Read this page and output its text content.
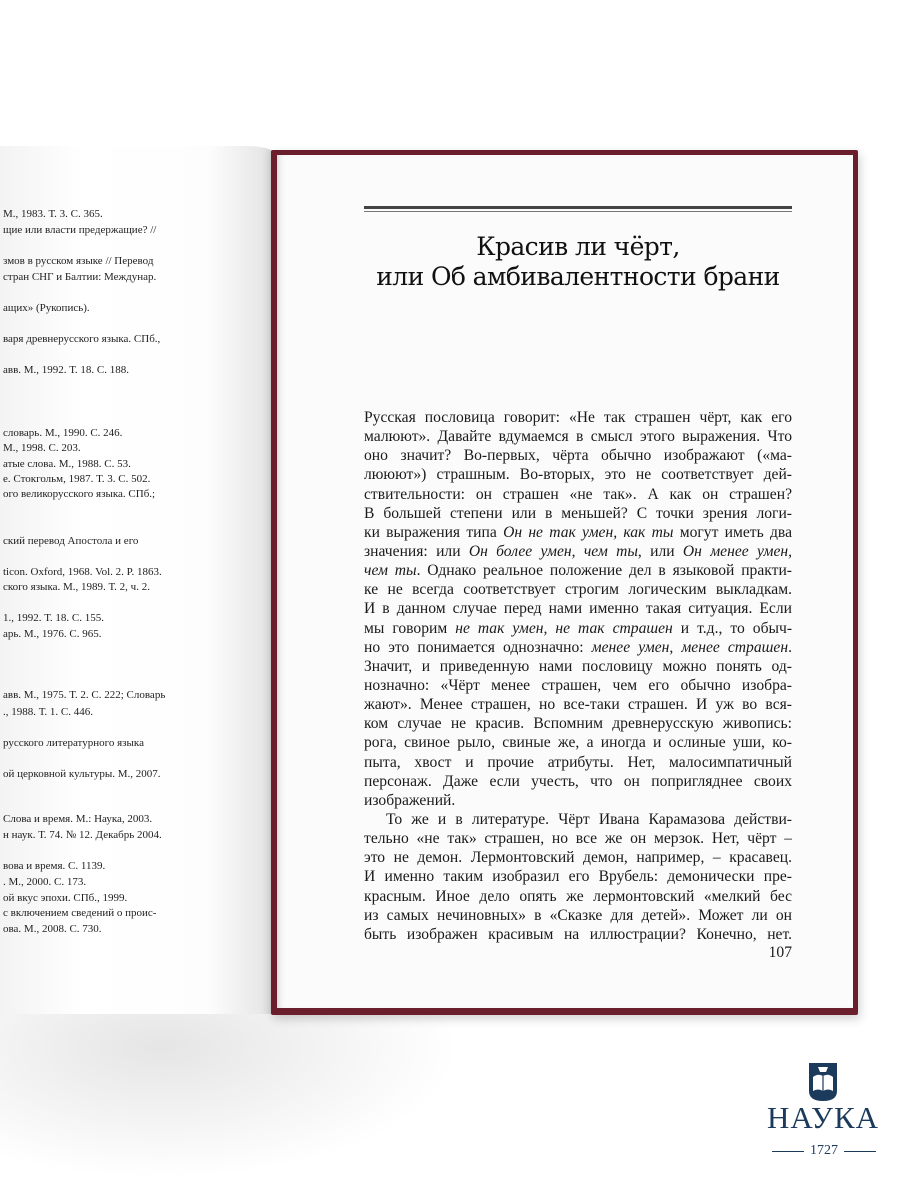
М., 1983. Т. 3. С. 365.
щие или власти предержащие? //
змов в русском языке // Перевод
стран СНГ и Балтии: Междунар.
ащих» (Рукопись).
варя древнерусского языка. СПб.,
авв. М., 1992. Т. 18. С. 188.
словарь. М., 1990. С. 246.
М., 1998. С. 203.
атые слова. М., 1988. С. 53.
е. Стокгольм, 1987. Т. 3. С. 502.
ого великорусского языка. СПб.;
ский перевод Апостола и его
ticon. Oxford, 1968. Vol. 2. P. 1863.
ского языка. М., 1989. Т. 2, ч. 2.
1., 1992. Т. 18. С. 155.
арь. М., 1976. С. 965.
авв. М., 1975. Т. 2. С. 222; Словарь
., 1988. Т. 1. С. 446.
русского литературного языка
ой церковной культуры. М., 2007.
Слова и время. М.: Наука, 2003.
н наук. Т. 74. № 12. Декабрь 2004.
вова и время. С. 1139.
. М., 2000. С. 173.
ой вкус эпохи. СПб., 1999.
с включением сведений о проис-
ова. М., 2008. С. 730.
Красив ли чёрт,
или Об амбивалентности брани
Русская пословица говорит: «Не так страшен чёрт, как его
малюют». Давайте вдумаемся в смысл этого выражения. Что
оно значит? Во-первых, чёрта обычно изображают («ма-
лююют») страшным. Во-вторых, это не соответствует дей-
ствительности: он страшен «не так». А как он страшен?
В большей степени или в меньшей? С точки зрения логи-
ки выражения типа Он не так умен, как ты могут иметь два
значения: или Он более умен, чем ты, или Он менее умен,
чем ты. Однако реальное положение дел в языковой практи-
ке не всегда соответствует строгим логическим выкладкам.
И в данном случае перед нами именно такая ситуация. Если
мы говорим не так умен, не так страшен и т.д., то обыч-
но это понимается однозначно: менее умен, менее страшен.
Значит, и приведенную нами пословицу можно понять од-
нозначно: «Чёрт менее страшен, чем его обычно изобра-
жают». Менее страшен, но все-таки страшен. И уж во вся-
ком случае не красив. Вспомним древнерусскую живопись:
рога, свиное рыло, свиные же, а иногда и ослиные уши, ко-
пыта, хвост и прочие атрибуты. Нет, малосимпатичный
персонаж. Даже если учесть, что он попригляднее своих
изображений.
То же и в литературе. Чёрт Ивана Карамазова действи-
тельно «не так» страшен, но все же он мерзок. Нет, чёрт –
это не демон. Лермонтовский демон, например, – красавец.
И именно таким изобразил его Врубель: демонически пре-
красным. Иное дело опять же лермонтовский «мелкий бес
из самых нечиновных» в «Сказке для детей». Может ли он
быть изображен красивым на иллюстрации? Конечно, нет.
107
НАУКА
1727
